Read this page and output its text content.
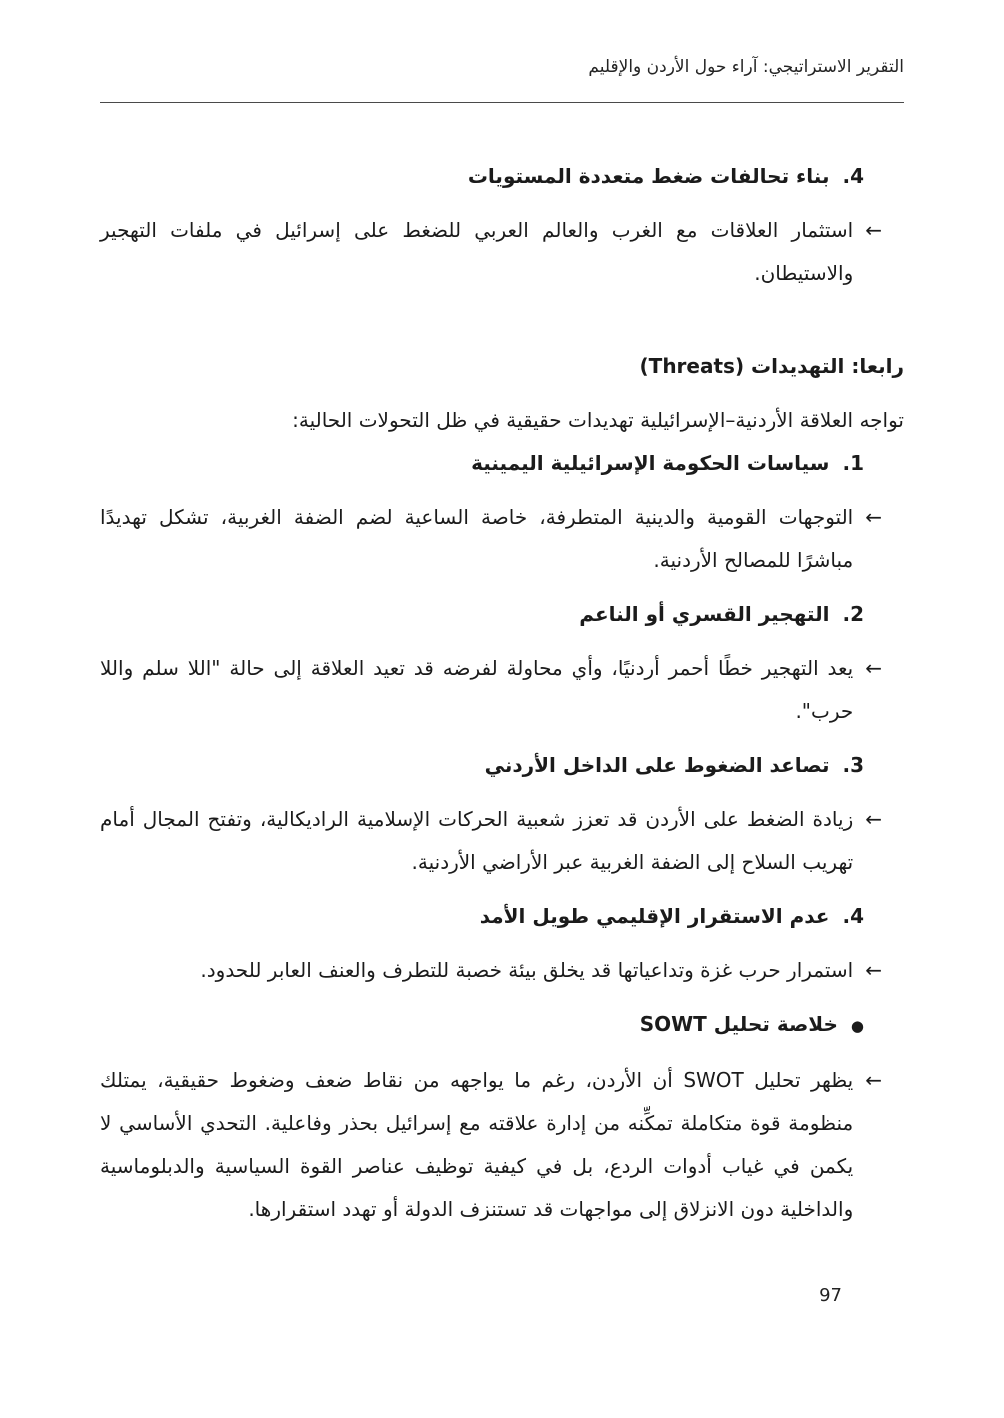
التقرير الاستراتيجي: آراء حول الأردن والإقليم
4.
بناء تحالفات ضغط متعددة المستويات
←

استثمار العلاقات مع الغرب والعالم العربي للضغط على إسرائيل في ملفات التهجير والاستيطان.

رابعا: التهديدات (Threats)

تواجه العلاقة الأردنية–الإسرائيلية تهديدات حقيقية في ظل التحولات الحالية:

1.
سياسات الحكومة الإسرائيلية اليمينية
←

التوجهات القومية والدينية المتطرفة، خاصة الساعية لضم الضفة الغربية، تشكل تهديدًا مباشرًا للمصالح الأردنية.

2.
التهجير القسري أو الناعم
←

يعد التهجير خطًا أحمر أردنيًا، وأي محاولة لفرضه قد تعيد العلاقة إلى حالة "اللا سلم واللا حرب".

3.
تصاعد الضغوط على الداخل الأردني
←

زيادة الضغط على الأردن قد تعزز شعبية الحركات الإسلامية الراديكالية، وتفتح المجال أمام تهريب السلاح إلى الضفة الغربية عبر الأراضي الأردنية.

4.
عدم الاستقرار الإقليمي طويل الأمد
←

استمرار حرب غزة وتداعياتها قد يخلق بيئة خصبة للتطرف والعنف العابر للحدود.

●
خلاصة تحليل SOWT
←

يظهر تحليل SWOT أن الأردن، رغم ما يواجهه من نقاط ضعف وضغوط حقيقية، يمتلك منظومة قوة متكاملة تمكِّنه من إدارة علاقته مع إسرائيل بحذر وفاعلية. التحدي الأساسي لا يكمن في غياب أدوات الردع، بل في كيفية توظيف عناصر القوة السياسية والدبلوماسية والداخلية دون الانزلاق إلى مواجهات قد تستنزف الدولة أو تهدد استقرارها.

97
